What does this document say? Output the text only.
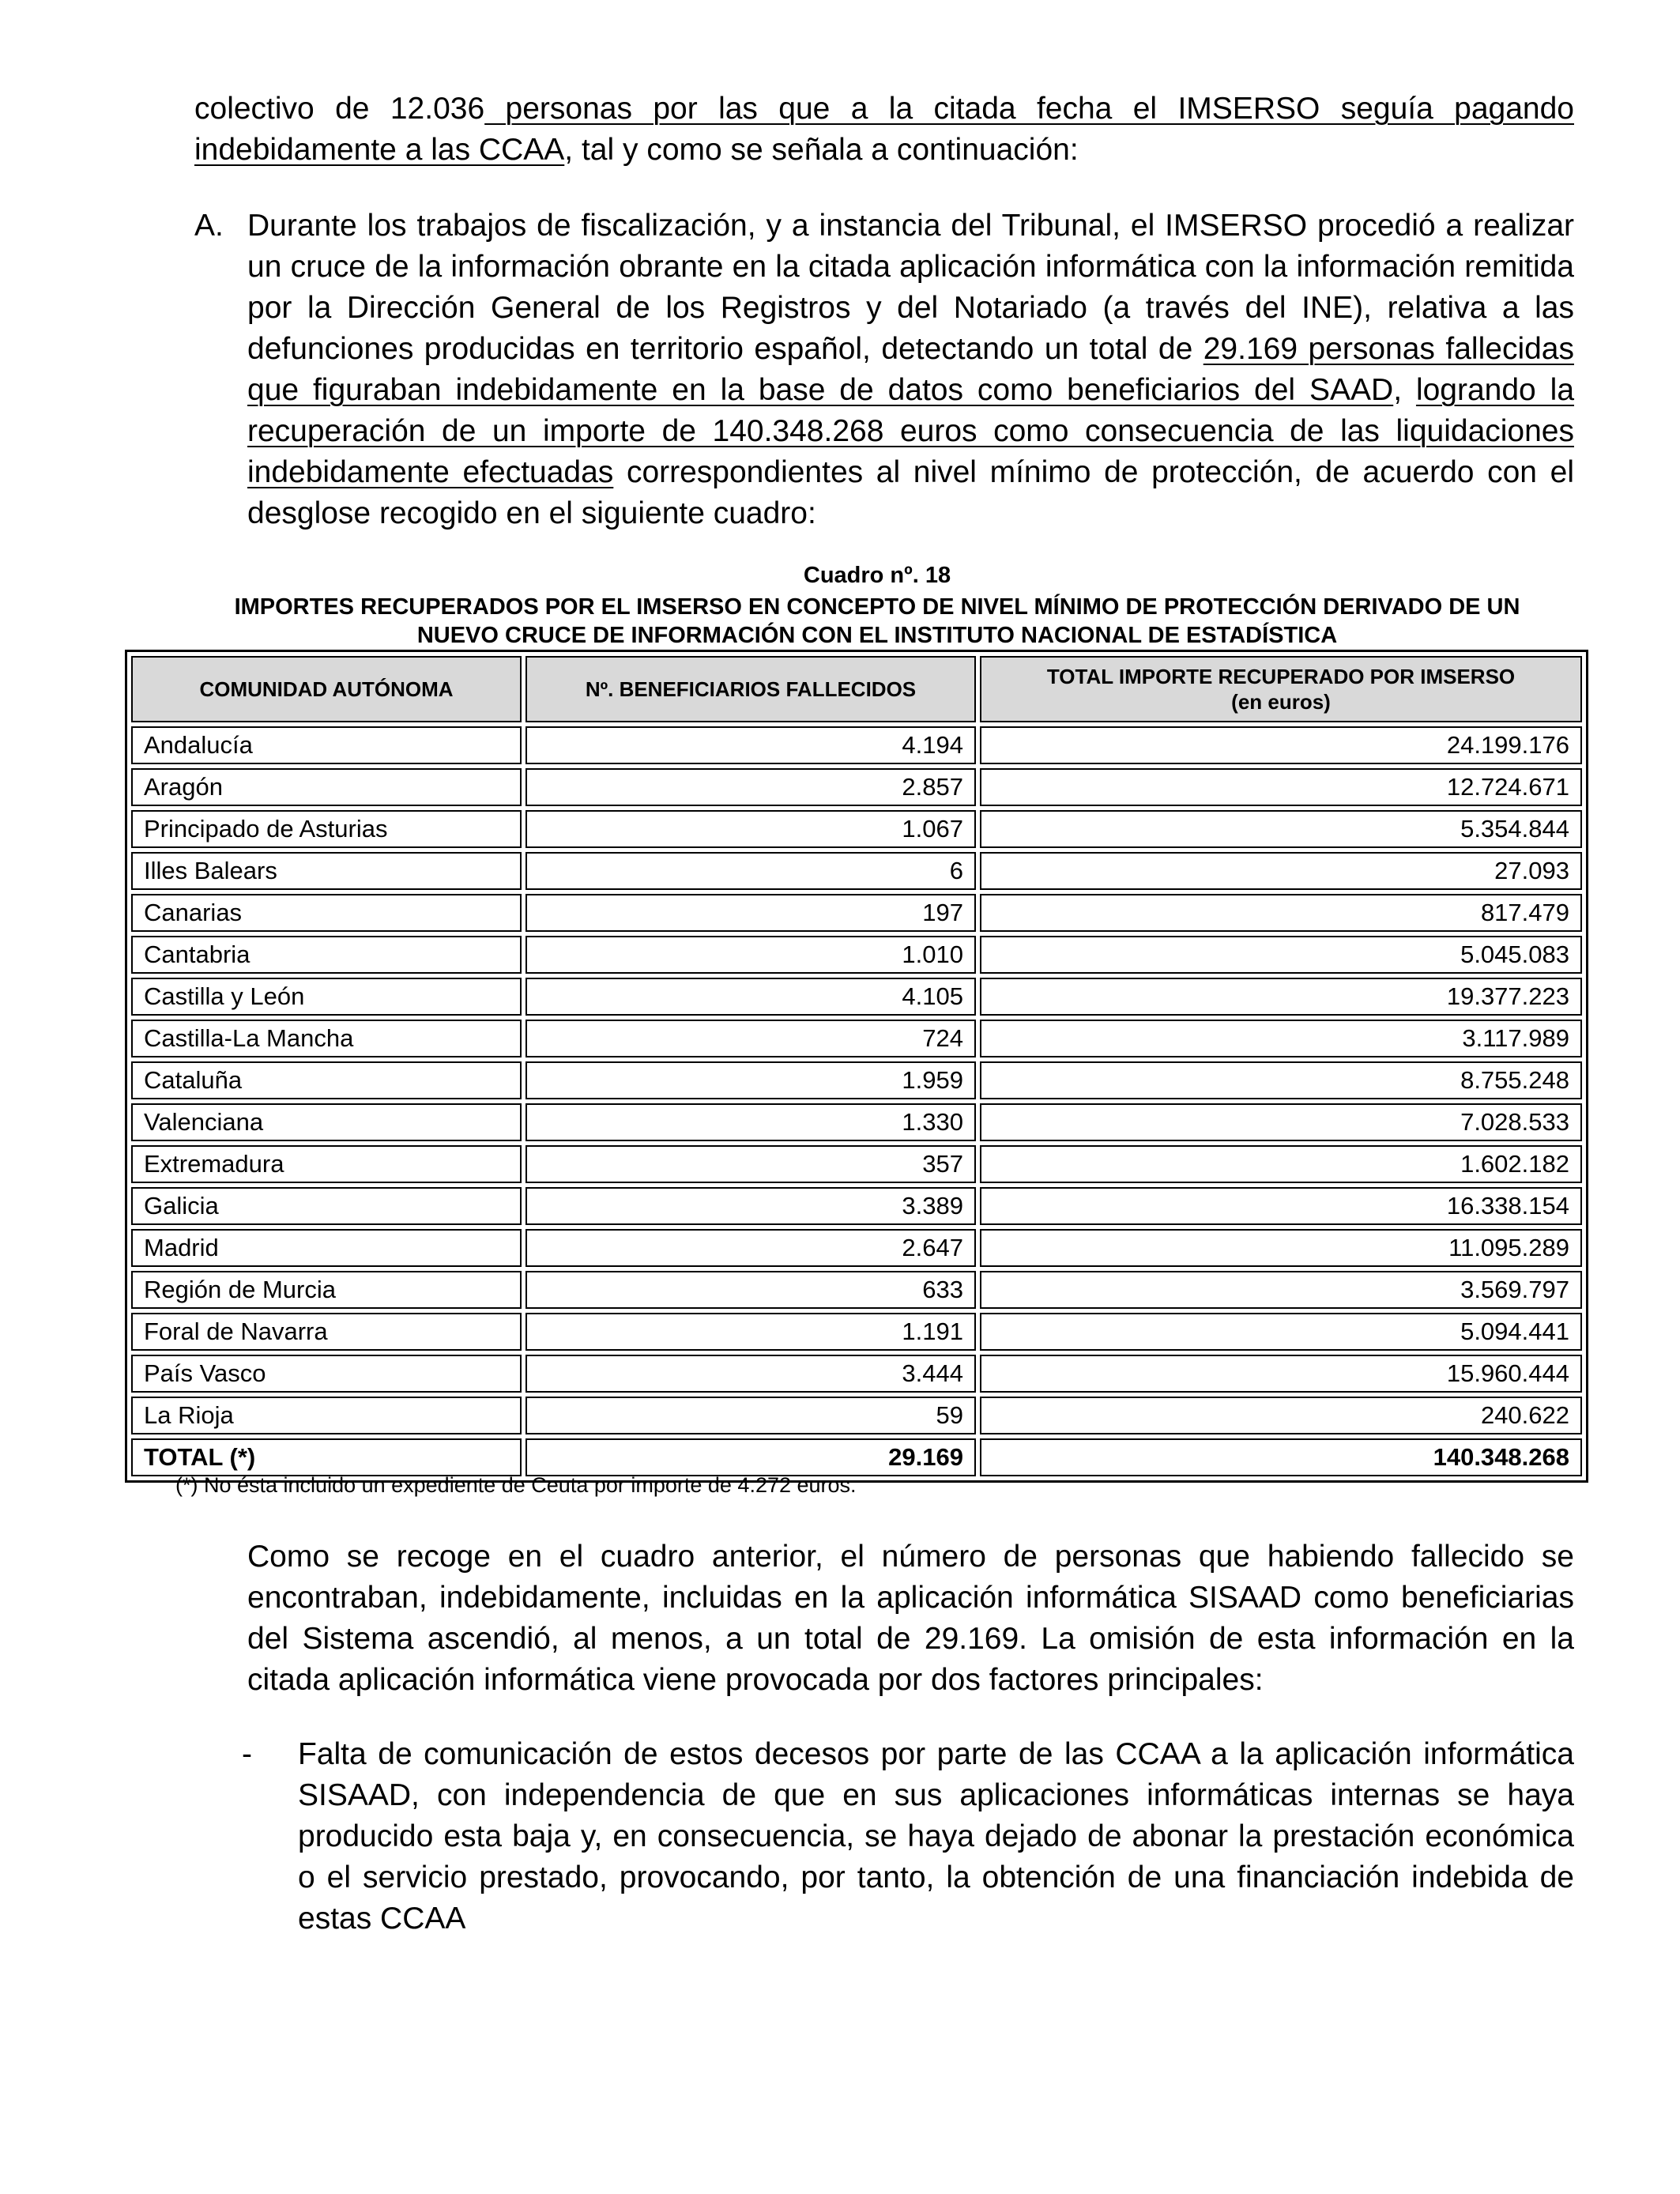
colectivo de 12.036 personas por las que a la citada fecha el IMSERSO seguía pagando indebidamente a las CCAA, tal y como se señala a continuación:

A. Durante los trabajos de fiscalización, y a instancia del Tribunal, el IMSERSO procedió a realizar un cruce de la información obrante en la citada aplicación informática con la información remitida por la Dirección General de los Registros y del Notariado (a través del INE), relativa a las defunciones producidas en territorio español, detectando un total de 29.169 personas fallecidas que figuraban indebidamente en la base de datos como beneficiarios del SAAD, logrando la recuperación de un importe de 140.348.268 euros como consecuencia de las liquidaciones indebidamente efectuadas correspondientes al nivel mínimo de protección, de acuerdo con el desglose recogido en el siguiente cuadro:

Cuadro nº. 18
IMPORTES RECUPERADOS POR EL IMSERSO EN CONCEPTO DE NIVEL MÍNIMO DE PROTECCIÓN DERIVADO DE UN
NUEVO CRUCE DE INFORMACIÓN CON EL INSTITUTO NACIONAL DE ESTADÍSTICA
COMUNIDAD AUTÓNOMA	Nº. BENEFICIARIOS FALLECIDOS	TOTAL IMPORTE RECUPERADO POR IMSERSO
(en euros)

Andalucía	4.194	24.199.176
Aragón	2.857	12.724.671
Principado de Asturias	1.067	5.354.844
Illes Balears	6	27.093
Canarias	197	817.479
Cantabria	1.010	5.045.083
Castilla y León	4.105	19.377.223
Castilla-La Mancha	724	3.117.989
Cataluña	1.959	8.755.248
Valenciana	1.330	7.028.533
Extremadura	357	1.602.182
Galicia	3.389	16.338.154
Madrid	2.647	11.095.289
Región de Murcia	633	3.569.797
Foral de Navarra	1.191	5.094.441
País Vasco	3.444	15.960.444
La Rioja	59	240.622
TOTAL (*)	29.169	140.348.268
(*) No ésta incluido un expediente de Ceuta por importe de 4.272 euros.

Como se recoge en el cuadro anterior, el número de personas que habiendo fallecido se encontraban, indebidamente, incluidas en la aplicación informática SISAAD como beneficiarias del Sistema ascendió, al menos, a un total de 29.169. La omisión de esta información en la citada aplicación informática viene provocada por dos factores principales:

- Falta de comunicación de estos decesos por parte de las CCAA a la aplicación informática SISAAD, con independencia de que en sus aplicaciones informáticas internas se haya producido esta baja y, en consecuencia, se haya dejado de abonar la prestación económica o el servicio prestado, provocando, por tanto, la obtención de una financiación indebida de estas CCAA
